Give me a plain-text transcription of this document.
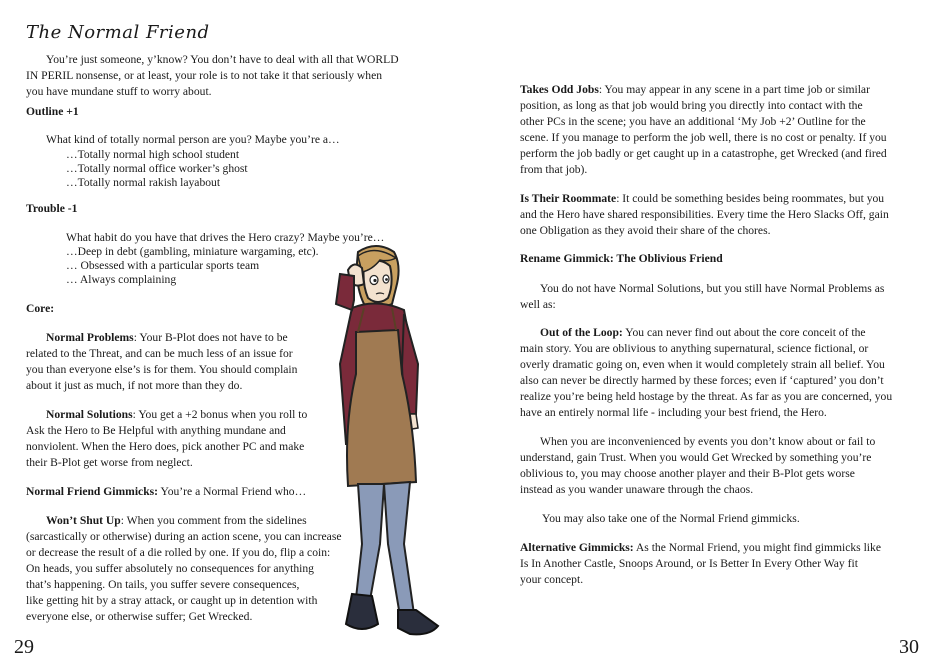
The Normal Friend
You’re just someone, y’know? You don’t have to deal with all that WORLD
IN PERIL nonsense, or at least, your role is to not take it that seriously when
you have mundane stuff to worry about.
Outline +1
What kind of totally normal person are you? Maybe you’re a…
…Totally normal high school student
…Totally normal office worker’s ghost
…Totally normal rakish layabout
Trouble -1
What habit do you have that drives the Hero crazy? Maybe you’re…
…Deep in debt (gambling, miniature wargaming, etc).
… Obsessed with a particular sports team
… Always complaining
Core:
Normal Problems: Your B-Plot does not have to be
related to the Threat, and can be much less of an issue for
you than everyone else’s is for them. You should complain
about it just as much, if not more than they do.
Normal Solutions: You get a +2 bonus when you roll to
Ask the Hero to Be Helpful with anything mundane and
nonviolent. When the Hero does, pick another PC and make
their B-Plot get worse from neglect.
Normal Friend Gimmicks: You’re a Normal Friend who…
Won’t Shut Up: When you comment from the sidelines
(sarcastically or otherwise) during an action scene, you can increase
or decrease the result of a die rolled by one. If you do, flip a coin:
On heads, you suffer absolutely no consequences for anything
that’s happening. On tails, you suffer severe consequences,
like getting hit by a stray attack, or caught up in detention with
everyone else, or otherwise suffer; Get Wrecked.
29
Takes Odd Jobs: You may appear in any scene in a part time job or similar
position, as long as that job would bring you directly into contact with the
other PCs in the scene; you have an additional ‘My Job +2’ Outline for the
scene. If you manage to perform the job well, there is no cost or penalty. If you
perform the job badly or get caught up in a catastrophe, get Wrecked (and fired
from that job).
Is Their Roommate: It could be something besides being roommates, but you
and the Hero have shared responsibilities. Every time the Hero Slacks Off, gain
one Obligation as they avoid their share of the chores.
Rename Gimmick: The Oblivious Friend
You do not have Normal Solutions, but you still have Normal Problems as
well as:
Out of the Loop: You can never find out about the core conceit of the
main story. You are oblivious to anything supernatural, science fictional, or
overly dramatic going on, even when it would completely strain all belief. You
also can never be directly harmed by these forces; even if ‘captured’ you don’t
realize you’re being held hostage by the threat. As far as you are concerned, you
have an entirely normal life - including your best friend, the Hero.
When you are inconvenienced by events you don’t know about or fail to
understand, gain Trust. When you would Get Wrecked by something you’re
oblivious to, you may choose another player and their B-Plot gets worse
instead as you wander unaware through the chaos.
You may also take one of the Normal Friend gimmicks.
Alternative Gimmicks: As the Normal Friend, you might find gimmicks like
Is In Another Castle, Snoops Around, or Is Better In Every Other Way fit
your concept.
30
